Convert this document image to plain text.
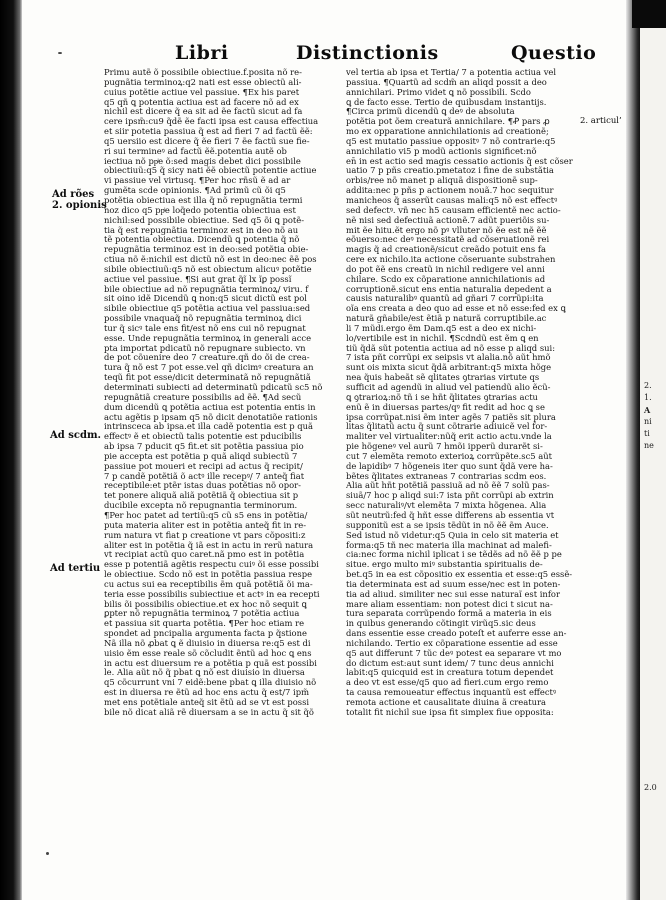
Libri	Distinctionis	Questio
Ad rões
2. opionis
Ad scdm.
Ad tertiu
2. articul’
Primu autẽ õ possibile obiectiue.f.posita nõ re-
pugnãtia terminoꝝ:q2 nati est esse obiectũ ali-
cuius potẽtie actiue vel passiue. ¶Ex his paret
q5 qñ ꝗ potentia actiua est ad facere nõ ad ex
nichil est dicere q̃ ea sit ad ẽe factũ sicut ad fa
cere ipsm̃:cu9 q̃dẽ ẽe facti ipsa est causa effectiua
et siir potetia passiua q̃ est ad fieri 7 ad factũ ẽẽ:
q5 uersiio est dicere q̃ ẽe fieri 7 ẽe factũ sue fie-
ri sui termineꝰ ad factũ ẽẽ.potentia autẽ ob
iectiua nõ ppͥe õ:sed magis debet dici possibile
obiectiuũ:q5 q̃ sicy nati ẽẽ obiectũ potentie actiue
vi passiue vel virtusq. ¶Per hoc rñsũ ẽ ad ar
gumẽta scd̃e opinionis. ¶Ad primũ cũ õi q5
potẽtia obiectiua est illa q̃ nõ repugnãtia termi
noz dico q5 ppͥe loq̃edo potentia obiectiua est
nichil:sed possibile obiectiue. Sed q5 õi ꝗ potẽ-
tia q̃ est repugnãtia terminoz est in deo nõ au
tẽ potentia obiectiua. Dicendũ ꝗ potentia q̃ nõ
repugnãtia terminoz est in deo:sed potẽtia obie-
ctiua nõ ẽ:nichil est dictũ nõ est in deo:nec ẽẽ pos
sibile obiectiuũ:q5 nõ est obiectum alicuꝰ potẽtie
actiue vel passiue. ¶Si aut̃ grat q̃ĩ lx ĩꝑ possĩ
bile obiectiue ad nõ repugnãtia terminoꝝ/ viru. f
sit oino idẽ Dicendũ ꝗ non:q5 sicut dictũ est pol
sibile obiectiue q5 potẽtia actiua vel passiua:sed
possibile vnaquaq̃ nõ repugnãtia terminoꝝ dici
tur q̃ sicꝰ tale ens fit/est nõ ens cui nõ repugnat
esse. Unde repugnãtia terminoꝝ in generali acce
pta importat pdicatũ nõ repugnare subiecto. vn
de pot cõuenire deo 7 creature.qñ do õi de crea-
tura q̃ nõ est 7 pot esse.vel qñ dicimꝰ creatura an
teqũ fit pot esse/dicit determinatã nõ repugnãtiã
determinati subiecti ad determinatũ pdicatũ sc5 nõ
repugnãtiã creature possibilis ad ẽẽ. ¶Ad secũ
dum dicendũ ꝗ potẽtia actiua est potentia entis in
actu agẽtis p ipsam q5 nõ dicit denotatiõe rationis
intrinsceca ab ipsa.et illa cadẽ potentia est p quã
effectꝰ ẽ et obiectũ talis potentie est pducibilis
ab ipsa 7 pducit q5 fit.et sit potẽtia passiua pio
pie accepta est potẽtia p quã aliqd subiectũ 7
passiue pot moueri et recipi ad actus q̃ recipit/
7 p candẽ potẽtiã õ actꝰ ille recepꝰ/ 7 anteq̃ fiat
receptibile:et ptẽr istas duas potẽtias nõ opor-
tet ponere aliquã aliã potẽtiã q̃ obiectiua sit p
ducibile excepta nõ repugnantia terminorum.
¶Per hoc patet ad tertiũ:q5 cũ s5 ens in potẽtia/
puta materia aliter est in potẽtia anteq̃ fit in re-
rum natura vt fiat p creatione vt pars cõpositi:z
aliter est in potẽtia q̃ iã est in actu in rerũ natura
vt recipiat actũ quo caret.nã pmo est in potẽtia
esse p potentiã agẽtis respectu cuiꝰ õi esse possibi
le obiectiue. Scd̃o nõ est in potẽtia passiua respe
cu actus sui ea receptibilis ẽm quã potẽtiã õi ma-
teria esse possibilis subiectiue et actꝰ in ea recepti
bilis õi possibilis obiectiue.et ex hoc nõ sequit̃ ꝗ
ꝑpter nõ repugnãtia terminoꝝ 7 potẽtia actiua
et passiua sit quarta potẽtia. ¶Per hoc etiam re
spondet ad pncipalia argumenta facta p q̃stione
Ñã illa nõ ꝓbat ꝗ ẽ diuisio in diuersa re:q5 est di
uisio ẽm esse reale sõ cõcludit ẽntũ ad hoc ꝗ ens
in actu est diuersum re a potẽtia p quã est possibi
le. Alia aũt nõ q̃ pbat ꝗ nõ est diuisio in diuersa
q5 cõcurrunt vni 7 eidẽ:bene pbat ꝗ illa diuisio nõ
est in diuersa re ẽtũ ad hoc ens actu q̃ est/7 ipm̃
met ens potẽtiale anteq̃ sit ẽtũ ad se vt est possi
bile nõ dicat aliã rẽ diuersam a se in actu q̃ sit q̃õ
vel tertia ab ipsa et Tertia/ 7 a potentia actiua vel
passiua. ¶Quartũ ad scdm̃ an aliqd possit a deo
annichilari. Primo videt ꝗ nõ possibili. Scd̃o
ꝗ de facto esse. Tertio de quibusdam instantijs.
¶Circa primũ dicendũ ꝗ deꝰ de absoluta
potẽtia pot õem creaturã annichilare. ¶Ꝓ pars ꝓ
mo ex opparatione annichilationis ad creationẽ;
q5 est mutatio passiue oppositꝰ 7 nõ contrarie:q5
annichilatio vi5 p modũ actionis significet:nõ
en̄ in est actio sed magis cessatio actionis q̃ est cõser
uatio 7 p pñs creatio.pmetatoz i fine de substãtia
orbis/ree nõ manet p aliquã dispositionẽ sup-
addita:nec p pñs p actionem nouã.7 hoc sequitur
manicheos q̃ asserũt causas mali:q5 nõ est effectꝰ
sed defectꝰ. vñ nec h5 causam efficientẽ nec actio-
nẽ nisi sed defectiuã actionẽ.7 adũt pueriõis su-
mit ẽe hitu.ẽt ergo nõ pꝰ vlluter nõ ẽe est nẽ ẽẽ
eõuerso:nec deꝰ necessitatẽ ad cõseruationẽ rei
magis q̃ ad creationẽ/sicut creãdo potuit ens fa
cere ex nichilo.ita actione cõseruante substrahen
do pot ẽẽ ens creatũ in nichil redigere vel anni
chilare. Scd̃o ex cõparatione annichilationis ad
corruptionẽ.sicut ens entia naturalia depedent a
causis naturalibꝰ quantũ ad gñari 7 corrũpi:ita
oĩa ens creata a deo quo ad esse et nõ esse:fed ex ꝗ
naturã gñabile/est ẽtiã p naturã corruptibile.ac
li 7 mũdi.ergo ẽm Dam.q5 est a deo ex nichi-
lo/vertibile est in nichil. ¶Scd̃ndũ est ẽm ꝗ en
tiũ q̃dã sũt potentia actiua ad nõ esse p aliqd sui:
7 ista pñt corrũpi ex seipsis vt alalia.nõ aũt hmõ
sunt ois mixta sicut q̃dã arbitrant:q5 mixta hõge
nea q̃uis habeãt sẽ qlitates ꝯtrarias virtute qs
sufficit ad agendũ in aliud vel patiendũ alio ẽcũ-
ꝗ ꝯtrarioꝝ:nõ tñ i se hñt q̃litates ꝯtrarias actu
enũ ẽ in diuersas partes/qꝰ fit redit ad hoc ꝗ se
ipsa corrũpat.nisi ẽm inter agẽs 7 patiẽs sit plura
litas q̃litatũ actu q̃ sunt cõtrarie adiuicẽ vel for-
maliter vel virtualiter:nũq̃ erit actio actu.vnde la
pie hõgeneꝰ vel aurũ 7 hmõi ipperũ durarẽt si-
cut 7 elemẽta remoto exterioꝝ corrũpẽte.sc5 aũt
de lapidibꝰ 7 hõgeneis iter quo sunt q̃dã vere ha-
bẽtes q̃litates extraneas 7 contrarias scd̃m eos.
Alia aũt hñt potẽtiã passiuã ad nõ ẽẽ 7 solũ pas-
siuã/7 hoc p aliqd sui:7 ista pñt corrũpi ab extrin
secc naturaliꝰ/vt elemẽta 7 mixta hõgenea. Alia
sũt neutrũ:fed q̃ hñt esse differens ab essentia vt
supponitũ est a se ipsis tẽdũt in nõ ẽẽ ẽm Auce.
Sed istud nõ videtur:q5 Quia in celo sit materia et
forma:q5 tñ nec materia illa machinat̃ ad malefi-
cia:nec forma nichil iplicat i se tẽdẽs ad nõ ẽẽ p pe
situe. ergo multo miꝰ substantia spiritualis de-
bet.q5 in ea est cõpositio ex essentia et esse:q5 essẽ-
tia determinata est ad suum esse/nec est in poten-
tia ad aliud. similiter nec sui esse naturaĩ est infor
mare aliam essentiam: non potest dici t̃ sicut na-
tura separata corrũpendo formã a materia in eis
in quibus generando cõtingit virũq5.sic deus
dans essentie esse creado poteſt et auferre esse an-
nichilando. Tertio ex cõparatione essentie ad esse
q5 aut differunt 7 tũc deꝰ potest ea separare vt mo
do dictum est:aut sunt idem/ 7 tunc deus annichi
labit:q5 quicquid est in creatura totum dependet
a deo vt est esse/q5 quo ad fieri.cum ergo remo
ta causa remoueatur effectus inquantũ est effectꝰ
remota actione et causalitate diuina ã creatura
totalit̃ fit nichil sue ipsa fit simplex fiue opposita:
2.
1.
A
ni
ti
ne
2.0
